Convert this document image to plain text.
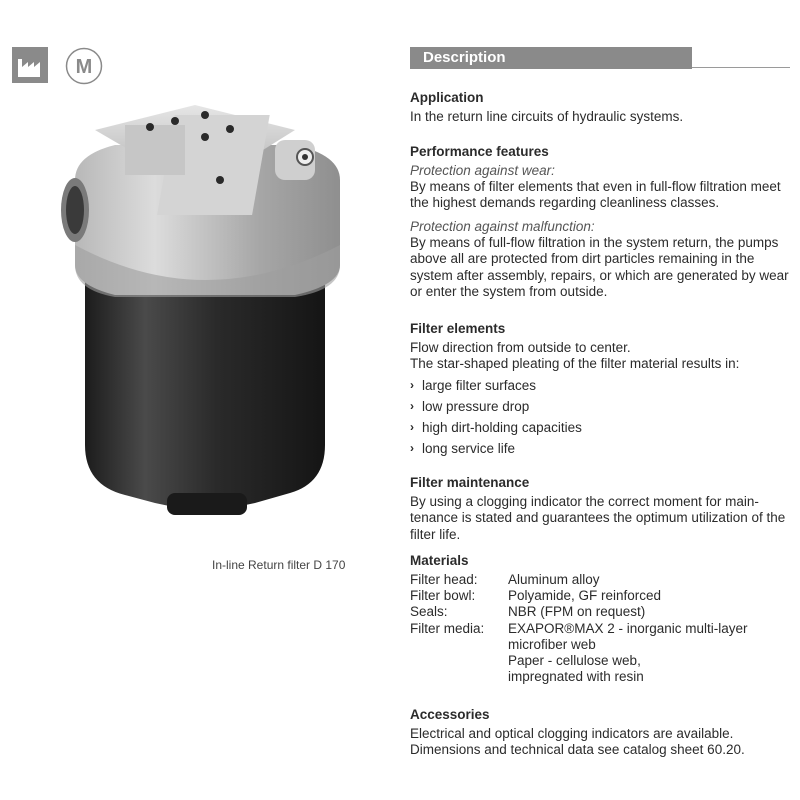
M
In-line Return filter D 170
Description
Application

In the return line circuits of hydraulic systems.

Performance features
Protection against wear:

By means of filter elements that even in full-flow filtration meet

the highest demands regarding cleanliness classes.

Protection against malfunction:

By means of full-flow filtration in the system return, the pumps

above all are protected from dirt particles remaining in the

system after assembly, repairs, or which are generated by wear

or enter the system from outside.

Filter elements

Flow direction from outside to center.

The star-shaped pleating of the filter material results in:

› large filter surfaces
› low pressure drop
› high dirt-holding capacities
› long service life
Filter maintenance

By using a clogging indicator the correct moment for main-

tenance is stated and guarantees the optimum utilization of the

filter life.

Materials
Filter head:	Aluminum alloy
Filter bowl:	Polyamide, GF reinforced
Seals:	NBR (FPM on request)
Filter media:	EXAPOR®MAX 2 - inorganic multi-layer
microfiber web
Paper - cellulose web,
impregnated with resin
Accessories

Electrical and optical clogging indicators are available.

Dimensions and technical data see catalog sheet 60.20.
